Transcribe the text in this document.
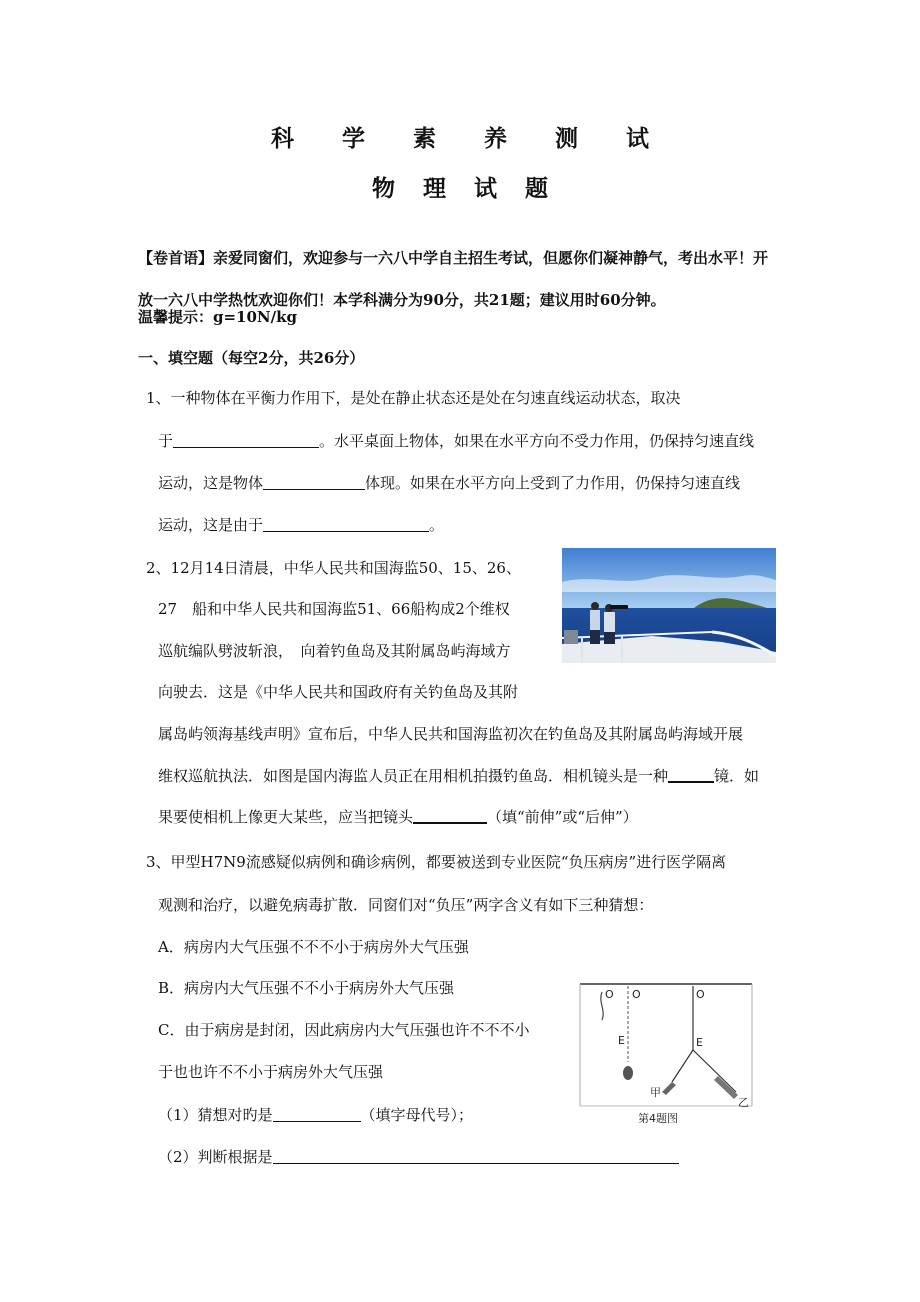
科 学 素 养 测 试
物 理 试 题
【卷首语】亲爱同窗们，欢迎参与一六八中学自主招生考试，但愿你们凝神静气，考出水平！开
放一六八中学热忱欢迎你们！本学科满分为90分，共21题；建议用时60分钟。
温馨提示：g=10N/kg
一、填空题（每空2分，共26分）
1、一种物体在平衡力作用下，是处在静止状态还是处在匀速直线运动状态，取决
于	。水平桌面上物体，如果在水平方向不受力作用，仍保持匀速直线
运动，这是物体	体现。如果在水平方向上受到了力作用，仍保持匀速直线
运动，这是由于	。
2、12月14日清晨，中华人民共和国海监50、15、26、
27　船和中华人民共和国海监51、66船构成2个维权
巡航编队劈波斩浪，　向着钓鱼岛及其附属岛屿海域方
向驶去．这是《中华人民共和国政府有关钓鱼岛及其附
属岛屿领海基线声明》宣布后，中华人民共和国海监初次在钓鱼岛及其附属岛屿海域开展
维权巡航执法．如图是国内海监人员正在用相机拍摄钓鱼岛．相机镜头是一种	镜．如
果要使相机上像更大某些，应当把镜头	（填“前伸”或“后伸”）
3、甲型H7N9流感疑似病例和确诊病例，都要被送到专业医院“负压病房”进行医学隔离
观测和治疗，以避免病毒扩散．同窗们对“负压”两字含义有如下三种猜想：
A．病房内大气压强不不不小于病房外大气压强
B．病房内大气压强不不小于病房外大气压强
C．由于病房是封闭，因此病房内大气压强也许不不不小
于也也许不不小于病房外大气压强
（1）猜想对旳是	（填字母代号）；
（2）判断根据是
O O
E
O
E
甲
乙
第4题图
